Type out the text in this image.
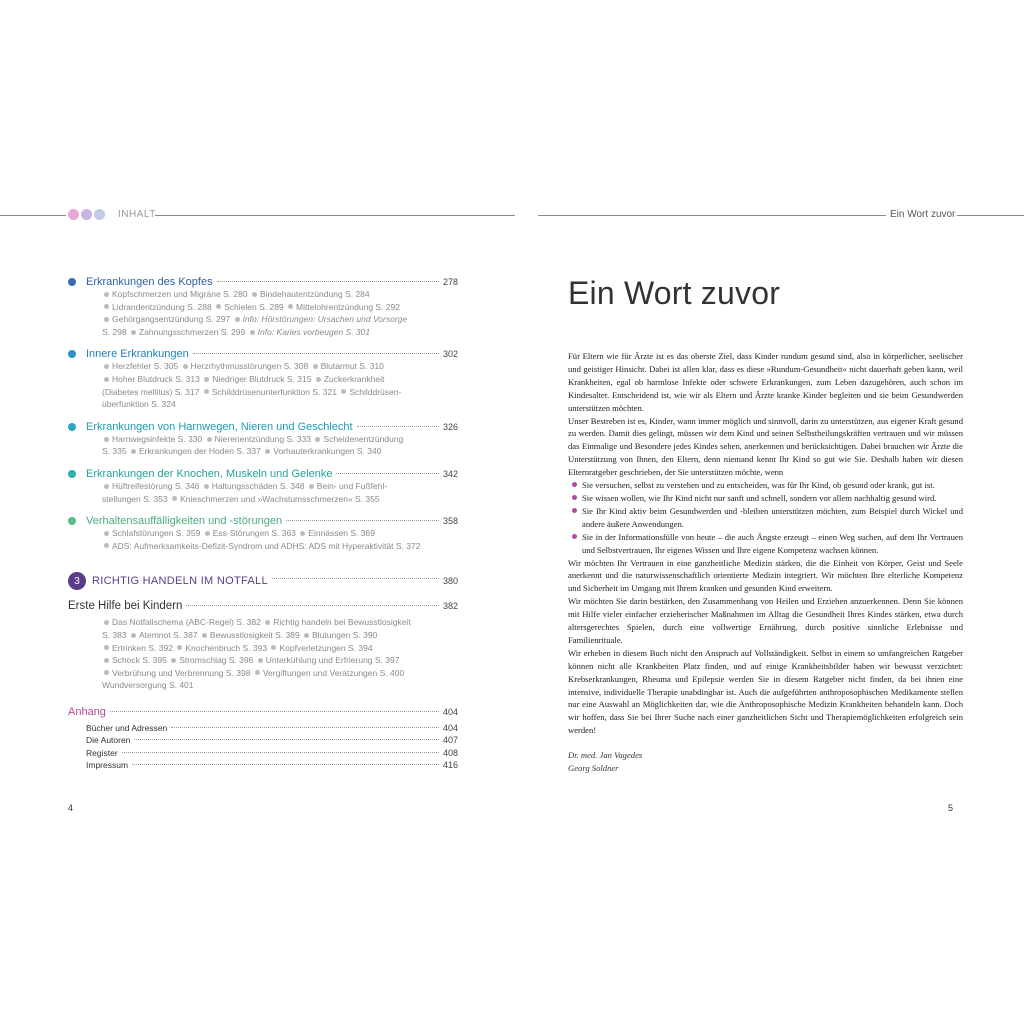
INHALT	Ein Wort zuvor
Erkrankungen des Kopfes	278
Kopfschmerzen und Migräne S. 280 Bindehautentzündung S. 284
Lidrandentzündung S. 288 Schielen S. 289 Mittelohrentzündung S. 292
Gehörgangsentzündung S. 297 Info: Hörstörungen: Ursachen und Vorsorge
S. 298 Zahnungsschmerzen S. 299 Info: Karies vorbeugen S. 301
Innere Erkrankungen	302
Herzfehler S. 305 Herzrhythmusstörungen S. 308 Blutarmut S. 310
Hoher Blutdruck S. 313 Niedriger Blutdruck S. 315 Zuckerkrankheit
(Diabetes mellitus) S. 317 Schilddrüsenunterfunktion S. 321 Schilddrüsen-
überfunktion S. 324
Erkrankungen von Harnwegen, Nieren und Geschlecht	326
Harnwegsinfekte S. 330 Nierenentzündung S. 333 Scheidenentzündung
S. 335 Erkrankungen der Hoden S. 337 Vorhauterkrankungen S. 340
Erkrankungen der Knochen, Muskeln und Gelenke	342
Hüftreifestörung S. 346 Haltungsschäden S. 348 Bein- und Fußfehl-
stellungen S. 353 Knieschmerzen und »Wachstumsschmerzen« S. 355
Verhaltensauffälligkeiten und -störungen	358
Schlafstörungen S. 359 Ess-Störungen S. 363 Einnässen S. 369
ADS: Aufmerksamkeits-Defizit-Syndrom und ADHS: ADS mit Hyperaktivität S. 372
3	RICHTIG HANDELN IM NOTFALL	380
Erste Hilfe bei Kindern	382
Das Notfallschema (ABC-Regel) S. 382 Richtig handeln bei Bewusstlosigkeit
S. 383 Atemnot S. 387 Bewusstlosigkeit S. 389 Blutungen S. 390
Ertrinken S. 392 Knochenbruch S. 393 Kopfverletzungen S. 394
Schock S. 395 Stromschlag S. 396 Unterkühlung und Erfrierung S. 397
Verbrühung und Verbrennung S. 398 Vergiftungen und Verätzungen S. 400
Wundversorgung S. 401
Anhang	404
Bücher und Adressen	404
Die Autoren	407
Register	408
Impressum	416
4
Ein Wort zuvor

Für Eltern wie für Ärzte ist es das oberste Ziel, dass Kinder rundum gesund sind, also in körperlicher, seelischer und geistiger Hinsicht. Dabei ist allen klar, dass es diese »Rundum-Gesundheit« nicht dauerhaft geben kann, weil Krankheiten, egal ob harmlose Infekte oder schwere Erkrankungen, zum Leben dazugehören, auch schon im Kindesalter. Entscheidend ist, wie wir als Eltern und Ärzte kranke Kinder begleiten und sie beim Gesundwerden unterstützen möchten.

Unser Bestreben ist es, Kinder, wann immer möglich und sinnvoll, darin zu unterstützen, aus eigener Kraft gesund zu werden. Damit dies gelingt, müssen wir dem Kind und seinen Selbstheilungskräften vertrauen und wir müssen das Einmalige und Besondere jedes Kindes sehen, anerkennen und berücksichtigen. Dabei brauchen wir Ärzte die Unterstützung von Ihnen, den Eltern, denn niemand kennt Ihr Kind so gut wie Sie. Deshalb haben wir diesen Elternratgeber geschrieben, der Sie unterstützen möchte, wenn

Sie versuchen, selbst zu verstehen und zu entscheiden, was für Ihr Kind, ob gesund oder krank, gut ist.
Sie wissen wollen, wie Ihr Kind nicht nur sanft und schnell, sondern vor allem nachhaltig gesund wird.
Sie Ihr Kind aktiv beim Gesundwerden und -bleiben unterstützen möchten, zum Beispiel durch Wickel und andere äußere Anwendungen.
Sie in der Informationsfülle von heute – die auch Ängste erzeugt – einen Weg suchen, auf dem Ihr Vertrauen und Selbstvertrauen, Ihr eigenes Wissen und Ihre eigene Kompetenz wachsen können.

Wir möchten Ihr Vertrauen in eine ganzheitliche Medizin stärken, die die Einheit von Körper, Geist und Seele anerkennt und die naturwissenschaftlich orientierte Medizin integriert. Wir möchten Ihre elterliche Kompetenz und Sicherheit im Umgang mit Ihrem kranken und gesunden Kind erweitern.

Wir möchten Sie darin bestärken, den Zusammenhang von Heilen und Erziehen anzuerkennen. Denn Sie können mit Hilfe vieler einfacher erzieherischer Maßnahmen im Alltag die Gesundheit Ihres Kindes stärken, etwa durch altersgerechtes Spielen, durch eine vollwertige Ernährung, durch positive sinnliche Erlebnisse und Familienrituale.

Wir erheben in diesem Buch nicht den Anspruch auf Vollständigkeit. Selbst in einem so umfangreichen Ratgeber können nicht alle Krankheiten Platz finden, und auf einige Krankheitsbilder haben wir bewusst verzichtet: Krebserkrankungen, Rheuma und Epilepsie werden Sie in diesem Ratgeber nicht finden, da bei ihnen eine intensive, individuelle Therapie unabdingbar ist. Auch die aufgeführten anthroposophischen Medikamente stellen nur eine Auswahl an Möglichkeiten dar, wie die Anthroposophische Medizin Krankheiten behandeln kann. Doch wir hoffen, dass Sie bei Ihrer Suche nach einer ganzheitlichen Sicht und Therapiemöglichkeiten erfolgreich sein werden!

Dr. med. Jan Vagedes
Georg Soldner
5
